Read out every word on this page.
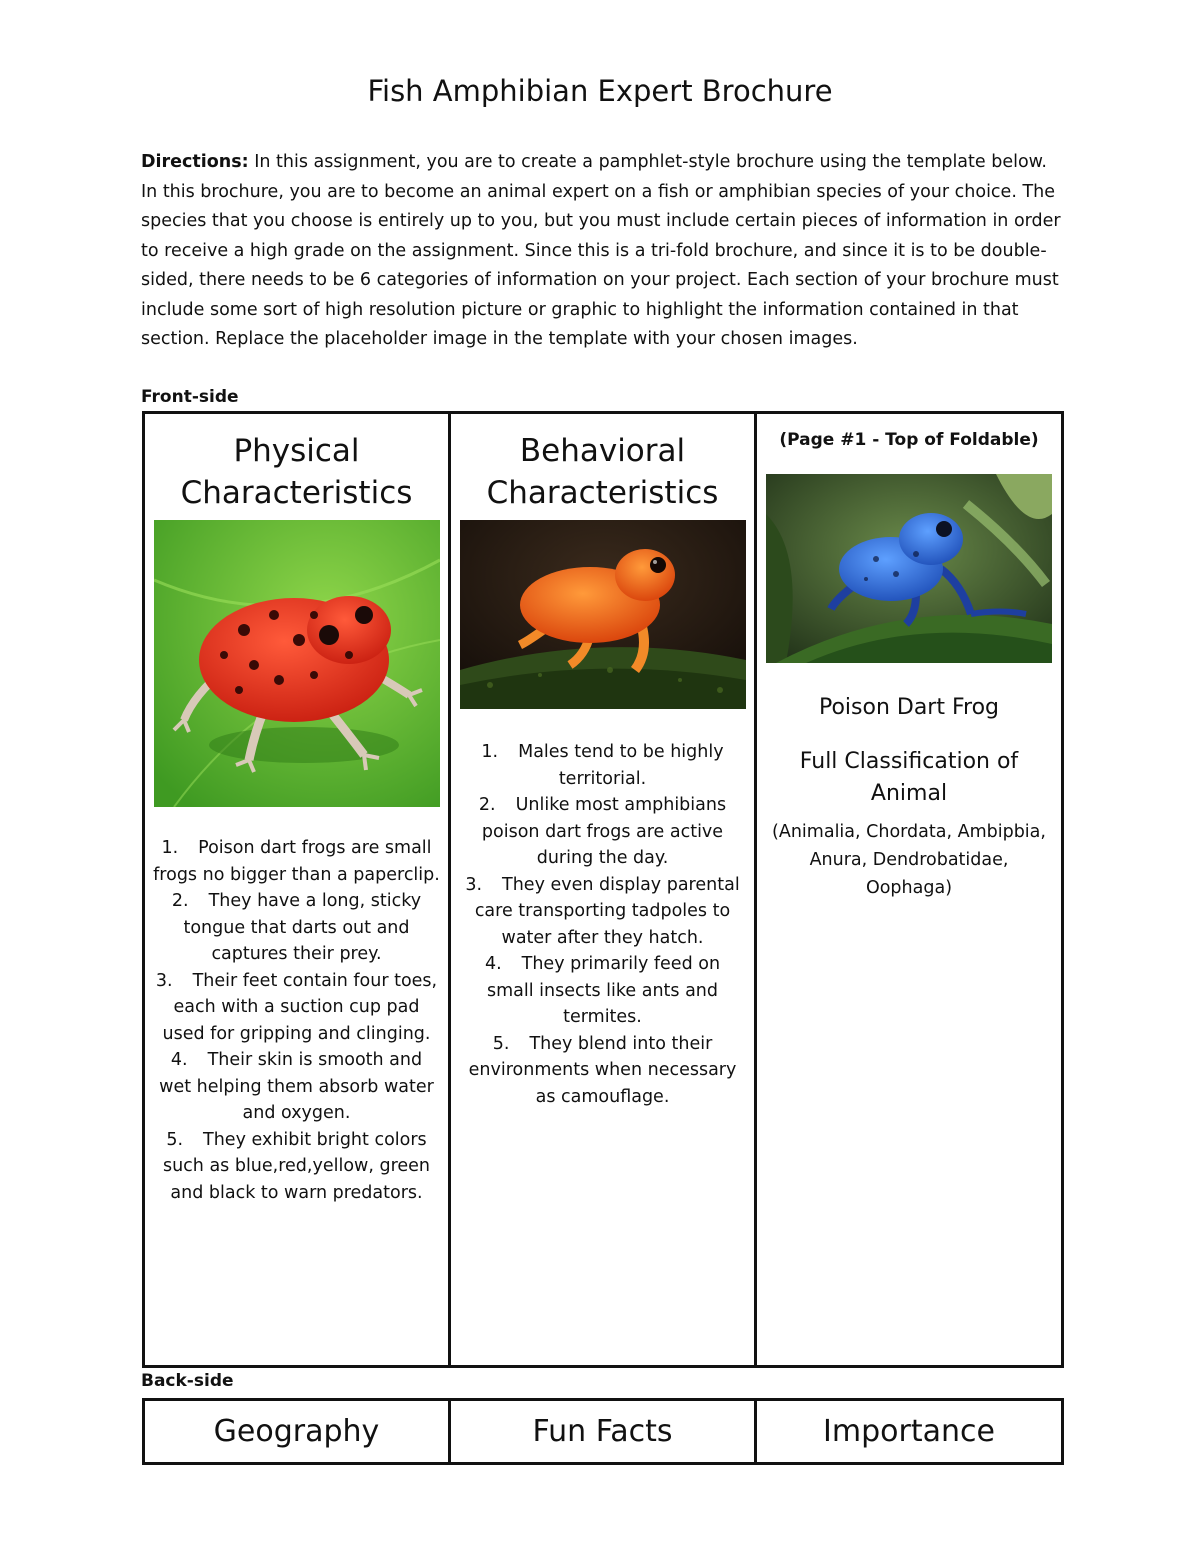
Fish Amphibian Expert Brochure

Directions: In this assignment, you are to create a pamphlet-style brochure using the template below. In this brochure, you are to become an animal expert on a fish or amphibian species of your choice. The species that you choose is entirely up to you, but you must include certain pieces of information in order to receive a high grade on the assignment. Since this is a tri-fold brochure, and since it is to be double-sided, there needs to be 6 categories of information on your project. Each section of your brochure must include some sort of high resolution picture or graphic to highlight the information contained in that section. Replace the placeholder image in the template with your chosen images.

Front-side

Physical Characteristics
1. Poison dart frogs are small frogs no bigger than a paperclip.
2. They have a long, sticky tongue that darts out and captures their prey.
3. Their feet contain four toes, each with a suction cup pad used for gripping and clinging.
4. Their skin is smooth and wet helping them absorb water and oxygen.
5. They exhibit bright colors such as blue,red,yellow, green and black to warn predators.

Behavioral Characteristics
1. Males tend to be highly territorial.
2. Unlike most amphibians poison dart frogs are active during the day.
3. They even display parental care transporting tadpoles to water after they hatch.
4. They primarily feed on small insects like ants and termites.
5. They blend into their environments when necessary as camouflage.

(Page #1 - Top of Foldable)

Poison Dart Frog
Full Classification of Animal

(Animalia, Chordata, Ambipbia, Anura, Dendrobatidae, Oophaga)

Back-side

Geography	Fun Facts	Importance
